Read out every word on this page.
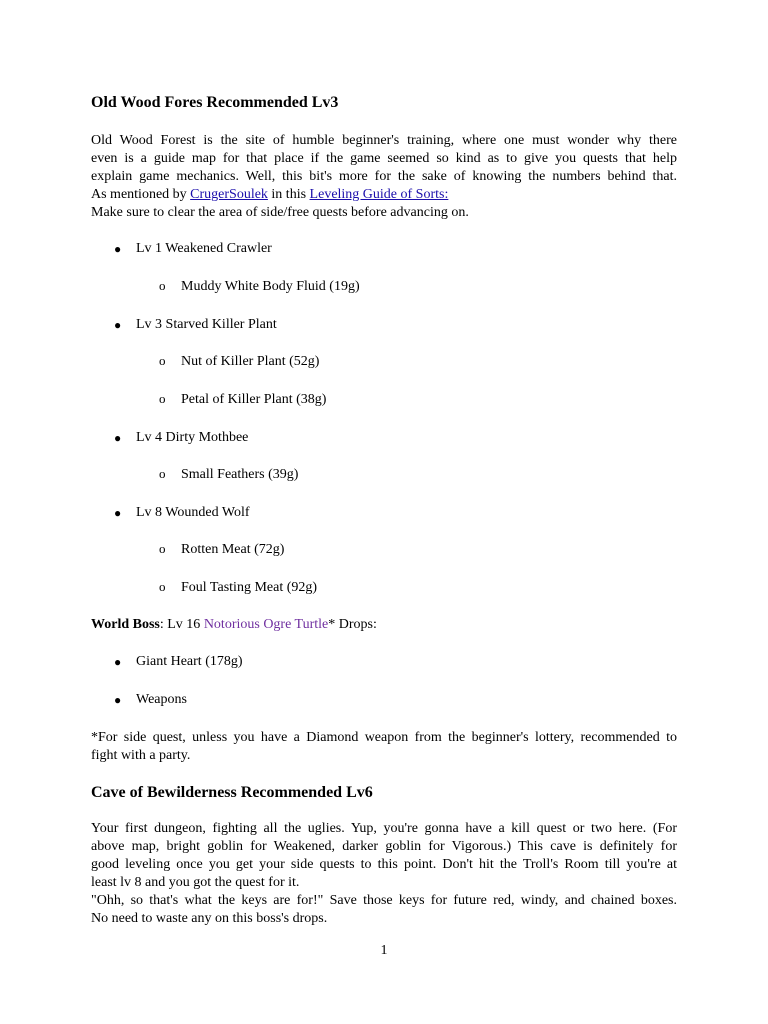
Old Wood Fores Recommended Lv3

Old Wood Forest is the site of humble beginner's training, where one must wonder why there
even is a guide map for that place if the game seemed so kind as to give you quests that help
explain game mechanics. Well, this bit's more for the sake of knowing the numbers behind that.
As mentioned by CrugerSoulek in this Leveling Guide of Sorts:
Make sure to clear the area of side/free quests before advancing on.

● Lv 1 Weakened Crawler
o Muddy White Body Fluid (19g)
● Lv 3 Starved Killer Plant
o Nut of Killer Plant (52g)
o Petal of Killer Plant (38g)
● Lv 4 Dirty Mothbee
o Small Feathers (39g)
● Lv 8 Wounded Wolf
o Rotten Meat (72g)
o Foul Tasting Meat (92g)

World Boss: Lv 16 Notorious Ogre Turtle* Drops:

● Giant Heart (178g)
● Weapons

*For side quest, unless you have a Diamond weapon from the beginner's lottery, recommended to
fight with a party.

Cave of Bewilderness Recommended Lv6

Your first dungeon, fighting all the uglies. Yup, you're gonna have a kill quest or two here. (For
above map, bright goblin for Weakened, darker goblin for Vigorous.) This cave is definitely for
good leveling once you get your side quests to this point. Don't hit the Troll's Room till you're at
least lv 8 and you got the quest for it.
"Ohh, so that's what the keys are for!" Save those keys for future red, windy, and chained boxes.
No need to waste any on this boss's drops.

1
